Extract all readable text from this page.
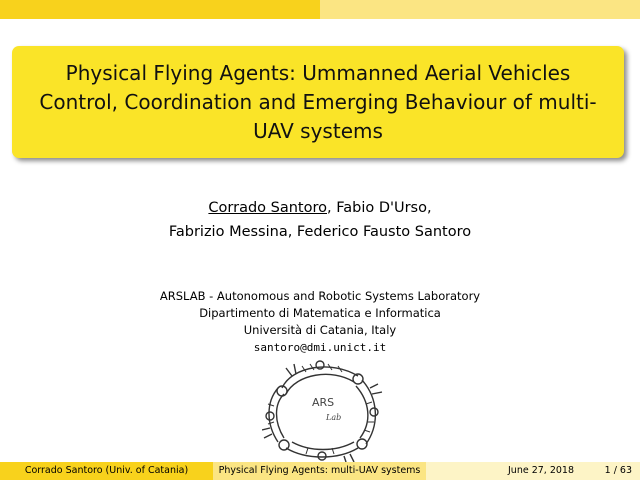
Physical Flying Agents: Ummanned Aerial Vehicles Control, Coordination and Emerging Behaviour of multi-UAV systems
Corrado Santoro, Fabio D'Urso,
Fabrizio Messina, Federico Fausto Santoro
ARSLAB - Autonomous and Robotic Systems Laboratory
Dipartimento di Matematica e Informatica
Università di Catania, Italy
santoro@dmi.unict.it
ARS
Lab
Corrado Santoro (Univ. of Catania)	Physical Flying Agents: multi-UAV systems	June 27, 2018	1 / 63
